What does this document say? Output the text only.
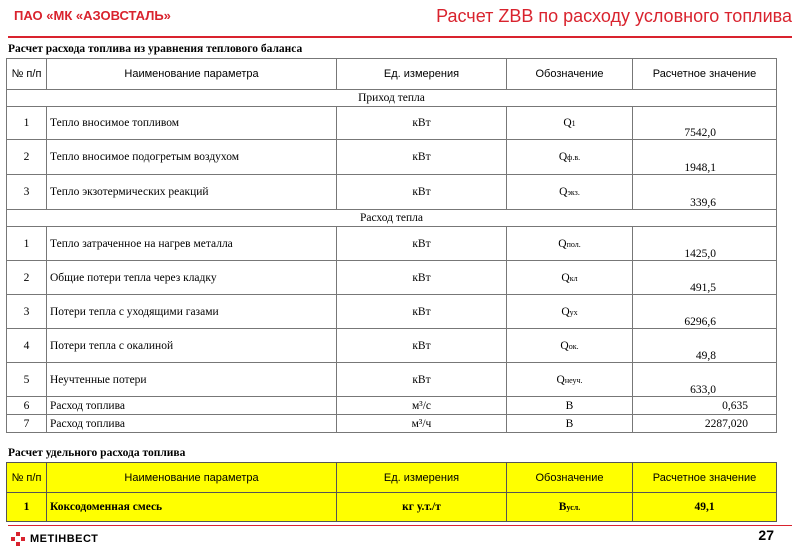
ПАО «МК «АЗОВСТАЛЬ»	Расчет ZBB по расходу условного топлива
Расчет расхода топлива из уравнения теплового баланса
№ п/п	Наименование параметра	Ед. измерения	Обозначение	Расчетное значение
Приход тепла				
1	Тепло вносимое топливом	кВт	Q1	7542,0
2	Тепло вносимое подогретым воздухом	кВт	Qф.в.	1948,1
3	Тепло экзотермических реакций	кВт	Qэкз.	339,6
Расход тепла				
1	Тепло затраченное на нагрев металла	кВт	Qпол.	1425,0
2	Общие потери тепла через кладку	кВт	Qкл	491,5
3	Потери тепла с уходящими газами	кВт	Qух	6296,6
4	Потери тепла с окалиной	кВт	Qок.	49,8
5	Неучтенные потери	кВт	Qнеуч.	633,0
6	Расход топлива	м³/с	B	0,635
7	Расход топлива	м³/ч	B	2287,020
Расчет удельного расхода топлива
№ п/п	Наименование параметра	Ед. измерения	Обозначение	Расчетное значение
1	Коксодоменная смесь	кг у.т./т	Bусл.	49,1
МЕТІНВЕСТ	27
